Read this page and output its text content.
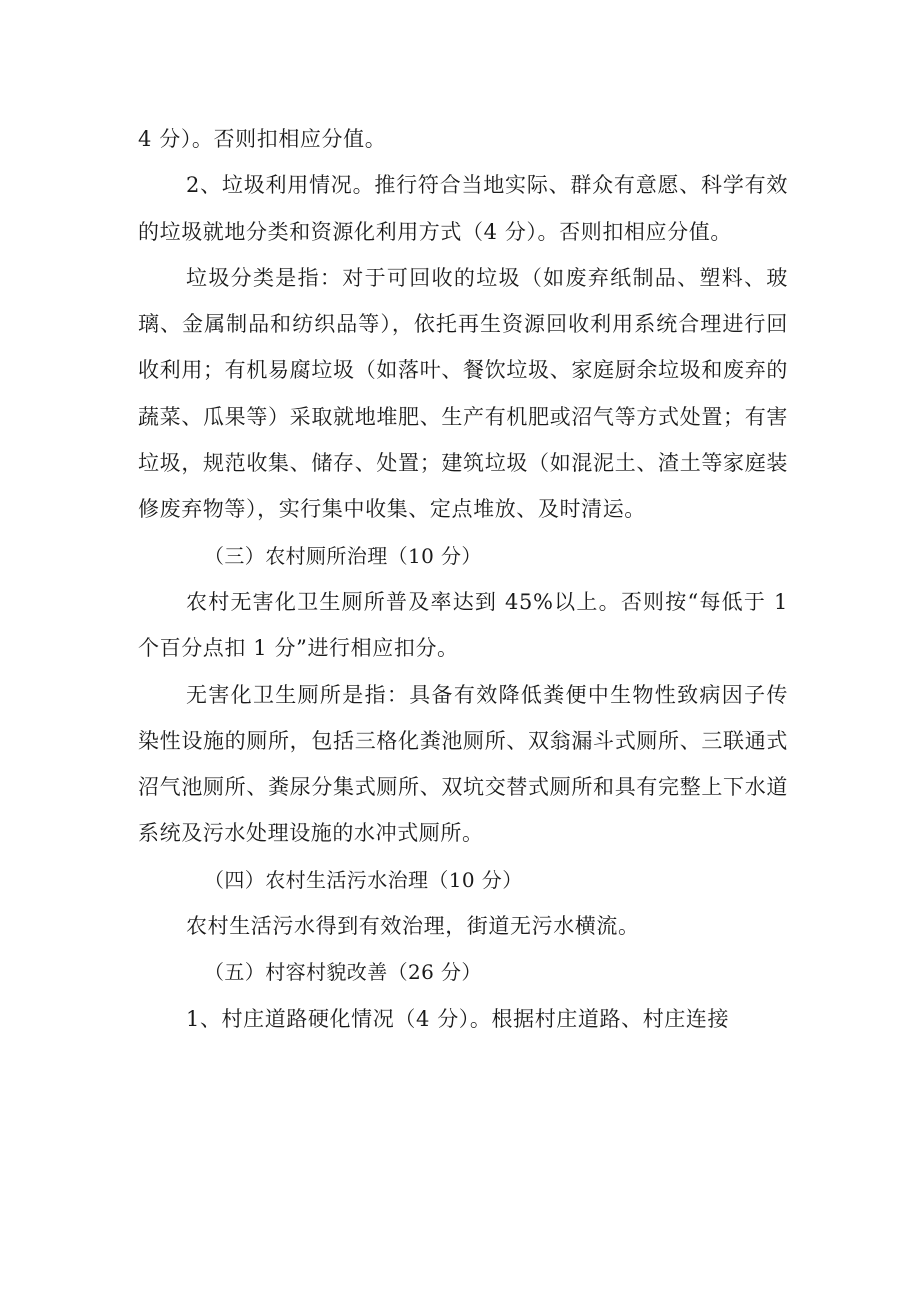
4 分）。否则扣相应分值。

2、垃圾利用情况。推行符合当地实际、群众有意愿、科学有效的垃圾就地分类和资源化利用方式（4 分）。否则扣相应分值。

垃圾分类是指：对于可回收的垃圾（如废弃纸制品、塑料、玻璃、金属制品和纺织品等），依托再生资源回收利用系统合理进行回收利用；有机易腐垃圾（如落叶、餐饮垃圾、家庭厨余垃圾和废弃的蔬菜、瓜果等）采取就地堆肥、生产有机肥或沼气等方式处置；有害垃圾，规范收集、储存、处置；建筑垃圾（如混泥土、渣土等家庭装修废弃物等），实行集中收集、定点堆放、及时清运。

（三）农村厕所治理（10 分）

农村无害化卫生厕所普及率达到 45%以上。否则按“每低于 1 个百分点扣 1 分”进行相应扣分。

无害化卫生厕所是指：具备有效降低粪便中生物性致病因子传染性设施的厕所，包括三格化粪池厕所、双翁漏斗式厕所、三联通式沼气池厕所、粪尿分集式厕所、双坑交替式厕所和具有完整上下水道系统及污水处理设施的水冲式厕所。

（四）农村生活污水治理（10 分）

农村生活污水得到有效治理，街道无污水横流。

（五）村容村貌改善（26 分）

1、村庄道路硬化情况（4 分）。根据村庄道路、村庄连接
